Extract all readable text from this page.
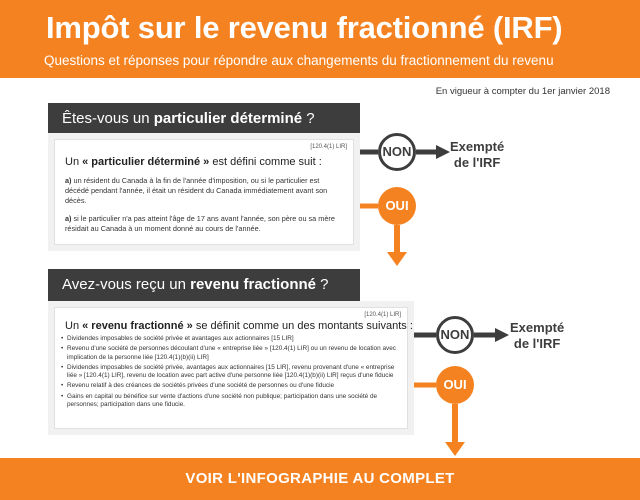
Impôt sur le revenu fractionné (IRF)
Questions et réponses pour répondre aux changements du fractionnement du revenu
En vigueur à compter du 1er janvier 2018
Êtes-vous un particulier déterminé ?
[120.4(1) LIR]
Un « particulier déterminé » est défini comme suit :
a) un résident du Canada à la fin de l'année d'imposition, ou si le particulier est décédé pendant l'année, il était un résident du Canada immédiatement avant son décès.
a) si le particulier n'a pas atteint l'âge de 17 ans avant l'année, son père ou sa mère résidait au Canada à un moment donné au cours de l'année.
NON
OUI
Exempté
de l'IRF
Avez-vous reçu un revenu fractionné ?
[120.4(1) LIR]
Un « revenu fractionné » se définit comme un des montants suivants :
• Dividendes imposables de société privée et avantages aux actionnaires [15 LIR]
• Revenu d'une société de personnes découlant d'une « entreprise liée » [120.4(1) LIR] ou un revenu de location avec implication de la personne liée [120.4(1)(b)(ii) LIR]
• Dividendes imposables de société privée, avantages aux actionnaires [15 LIR], revenu provenant d'une « entreprise liée » [120.4(1) LIR], revenu de location avec part active d'une personne liée [120.4(1)(b)(ii) LIR] reçus d'une fiducie
• Revenu relatif à des créances de sociétés privées d'une société de personnes ou d'une fiducie
• Gains en capital ou bénéfice sur vente d'actions d'une société non publique; participation dans une société de personnes; participation dans une fiducie.
NON
OUI
Exempté
de l'IRF
VOIR L'INFOGRAPHIE AU COMPLET
